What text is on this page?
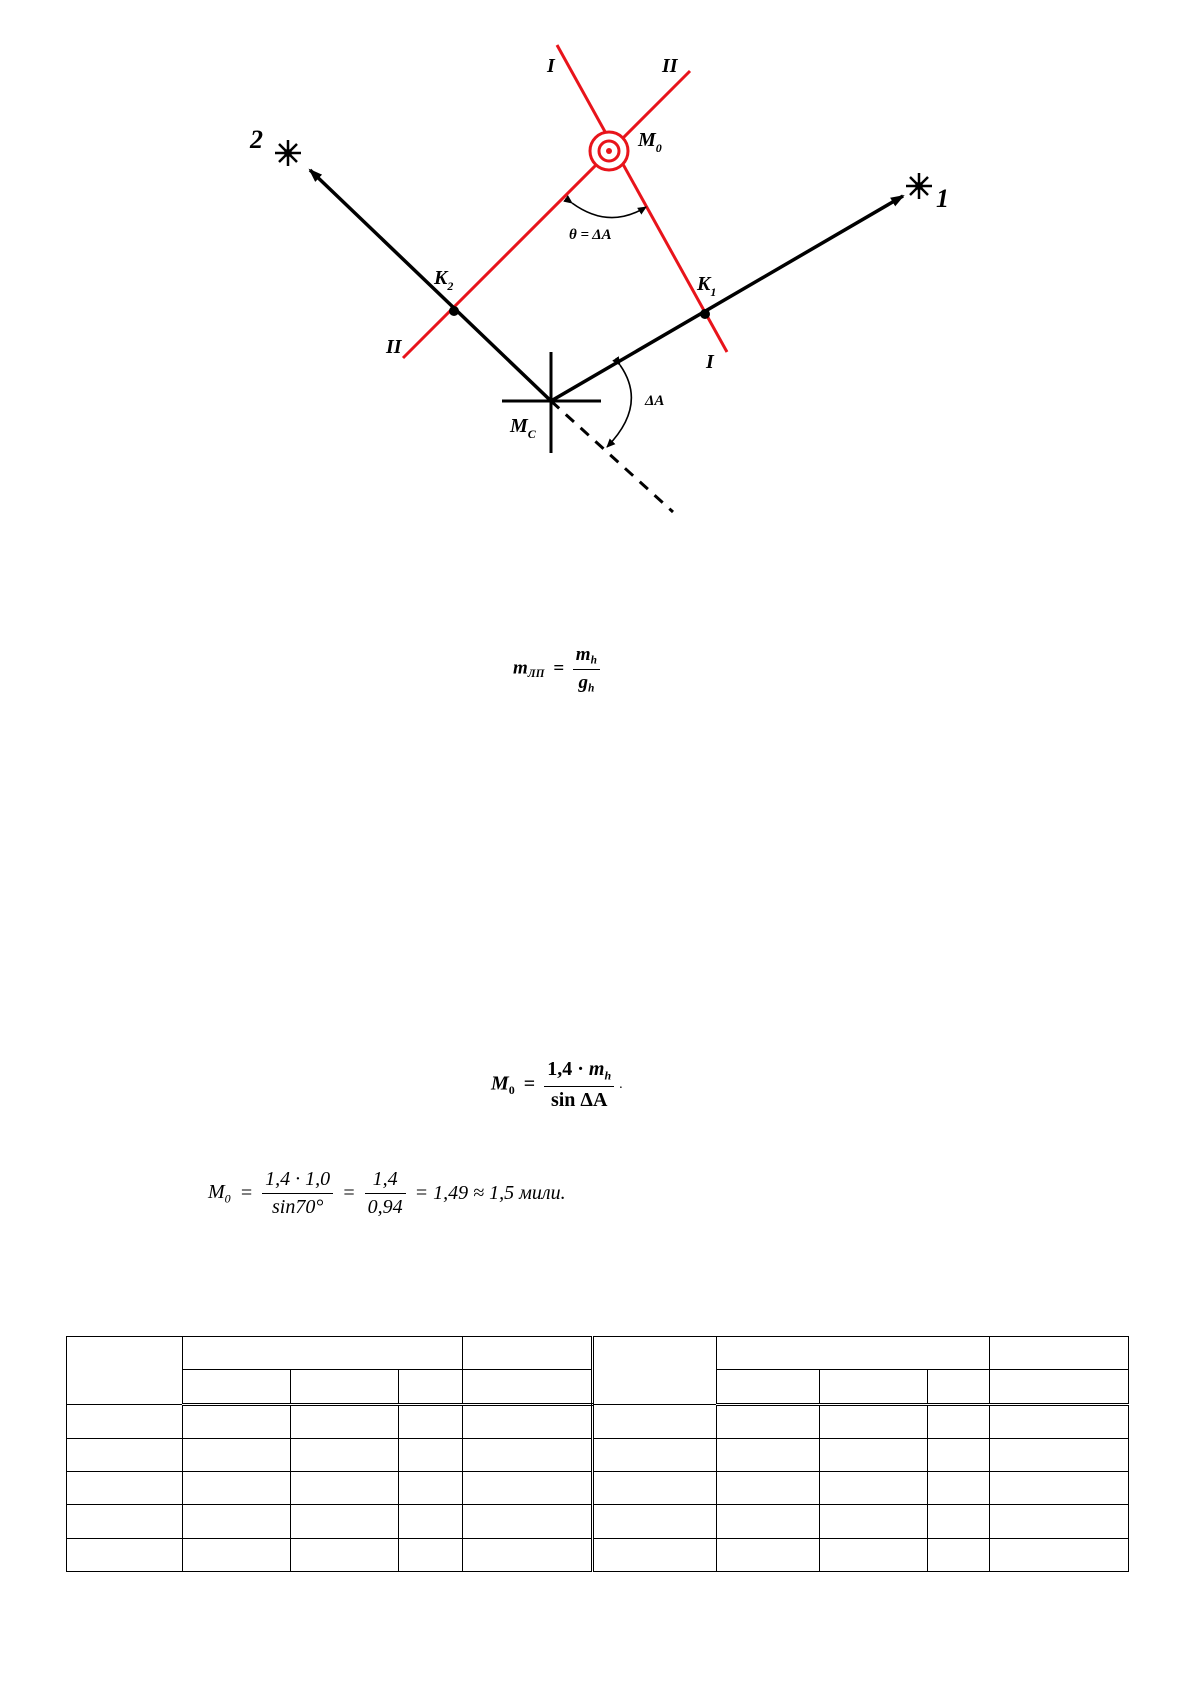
2
1
I	II
II
I
$M_0$
$M_C$
$K_2$	$K_1$
θ = ΔA
ΔA
$m_{ЛП} = \frac{m_h}{g_h}$
$M_0 = \frac{1,4 \cdot m_h}{\text{sin ΔA}}$ .
$M_0 = \frac{1,4 \cdot 1,0}{\sin 70^\circ} = \frac{1,4}{0,94} = 1,49 \approx 1,5$ мили.
